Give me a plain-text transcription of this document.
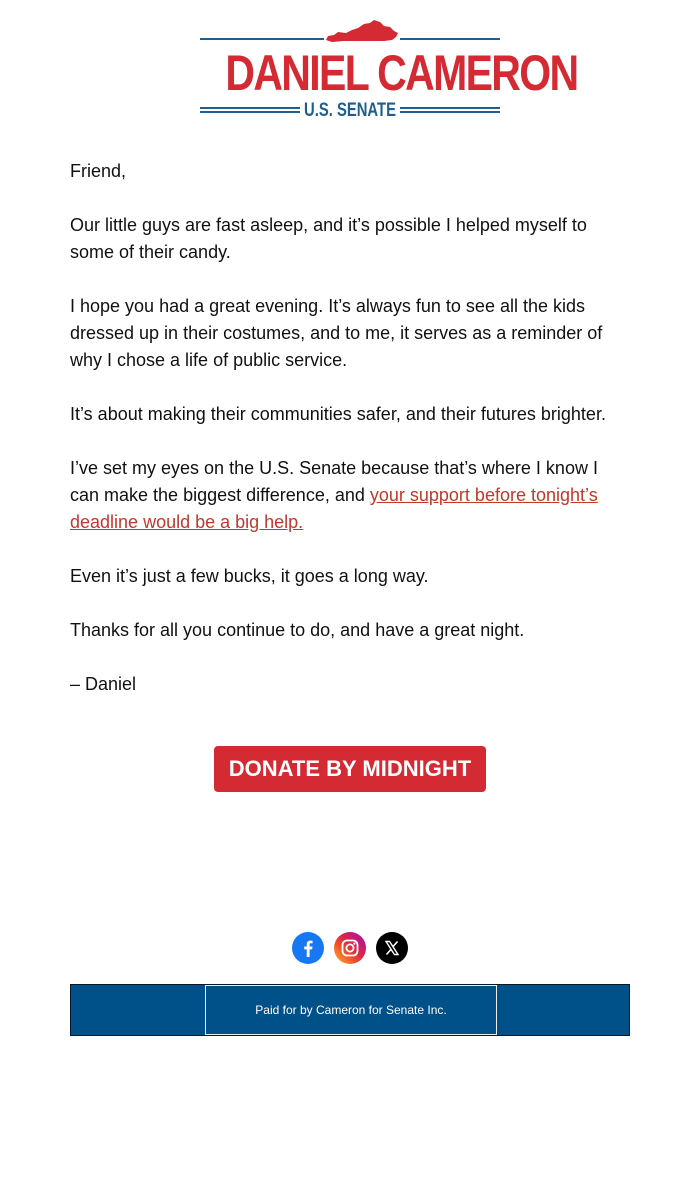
DANIEL CAMERON
U.S. SENATE

Friend,

Our little guys are fast asleep, and it’s possible I helped myself to some of their candy.

I hope you had a great evening. It’s always fun to see all the kids dressed up in their costumes, and to me, it serves as a reminder of why I chose a life of public service.

It’s about making their communities safer, and their futures brighter.

I’ve set my eyes on the U.S. Senate because that’s where I know I can make the biggest difference, and your support before tonight’s deadline would be a big help.

Even it’s just a few bucks, it goes a long way.

Thanks for all you continue to do, and have a great night.

– Daniel

DONATE BY MIDNIGHT
Paid for by Cameron for Senate Inc.
